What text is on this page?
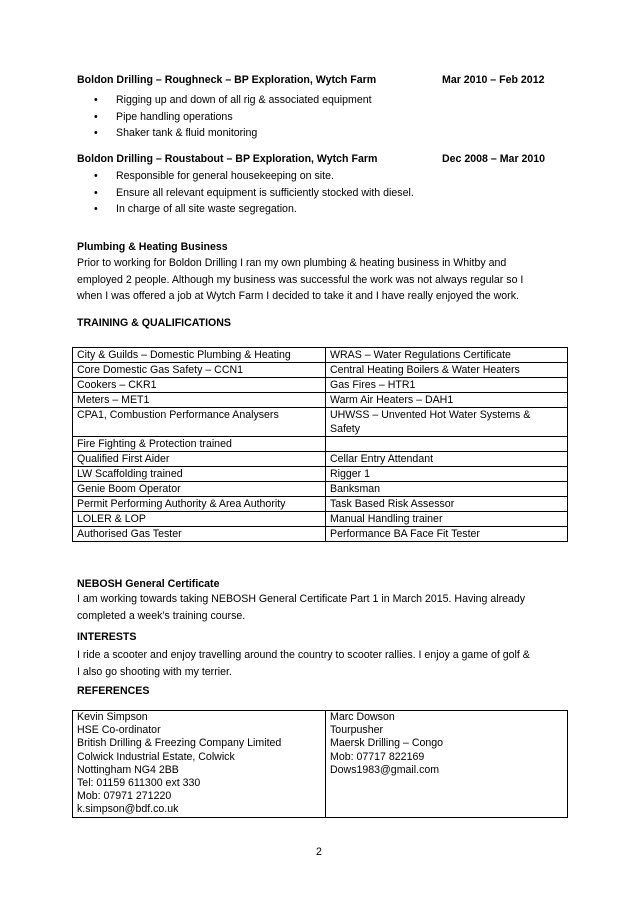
Boldon Drilling – Roughneck – BP Exploration, Wytch Farm	Mar 2010 – Feb 2012
• Rigging up and down of all rig & associated equipment
• Pipe handling operations
• Shaker tank & fluid monitoring
Boldon Drilling – Roustabout – BP Exploration, Wytch Farm	Dec 2008 – Mar 2010
• Responsible for general housekeeping on site.
• Ensure all relevant equipment is sufficiently stocked with diesel.
• In charge of all site waste segregation.
Plumbing & Heating Business
Prior to working for Boldon Drilling I ran my own plumbing & heating business in Whitby and
employed 2 people. Although my business was successful the work was not always regular so I
when I was offered a job at Wytch Farm I decided to take it and I have really enjoyed the work.
TRAINING & QUALIFICATIONS
City & Guilds – Domestic Plumbing & Heating	WRAS – Water Regulations Certificate
Core Domestic Gas Safety – CCN1	Central Heating Boilers & Water Heaters
Cookers – CKR1	Gas Fires – HTR1
Meters – MET1	Warm Air Heaters – DAH1
CPA1, Combustion Performance Analysers	UHWSS – Unvented Hot Water Systems & Safety
Fire Fighting & Protection trained	
Qualified First Aider	Cellar Entry Attendant
LW Scaffolding trained	Rigger 1
Genie Boom Operator	Banksman
Permit Performing Authority & Area Authority	Task Based Risk Assessor
LOLER & LOP	Manual Handling trainer
Authorised Gas Tester	Performance BA Face Fit Tester
NEBOSH General Certificate
I am working towards taking NEBOSH General Certificate Part 1 in March 2015. Having already
completed a week’s training course.
INTERESTS
I ride a scooter and enjoy travelling around the country to scooter rallies. I enjoy a game of golf &
I also go shooting with my terrier.
REFERENCES
Kevin Simpson
HSE Co-ordinator
British Drilling & Freezing Company Limited
Colwick Industrial Estate, Colwick
Nottingham NG4 2BB
Tel: 01159 611300 ext 330
Mob: 07971 271220
k.simpson@bdf.co.uk

Marc Dowson
Tourpusher
Maersk Drilling – Congo
Mob: 07717 822169
Dows1983@gmail.com
2
